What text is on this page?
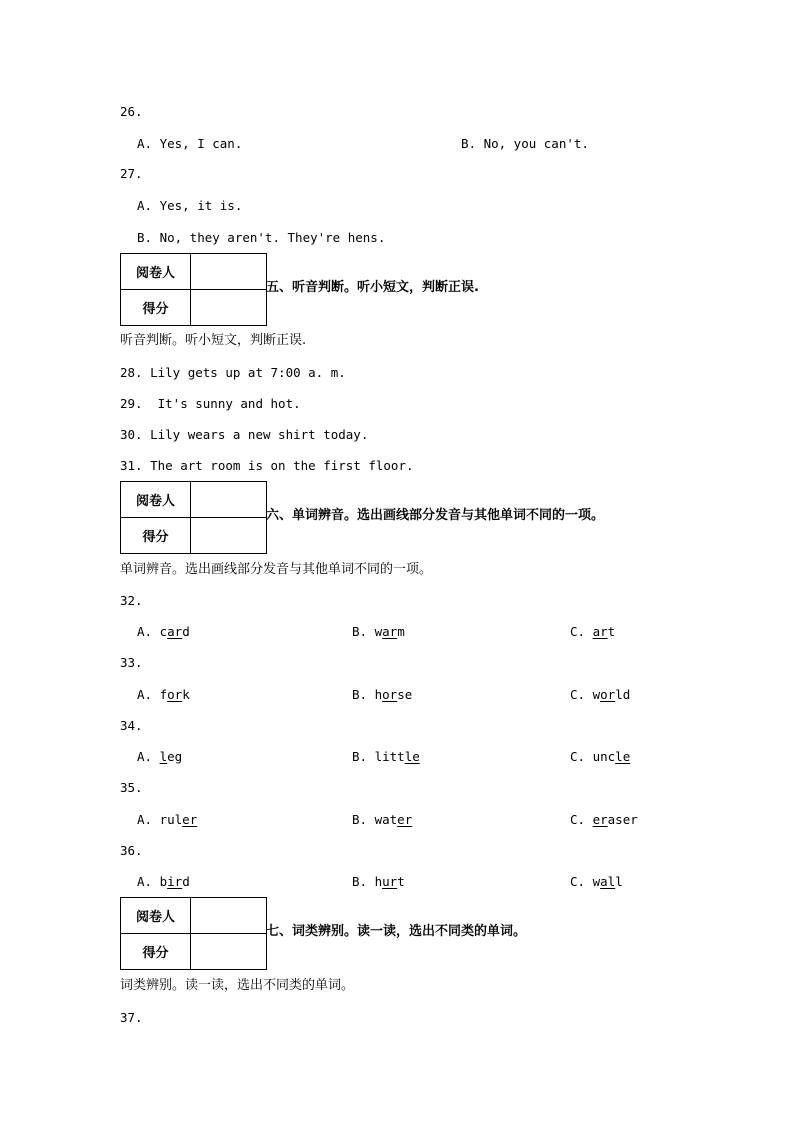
26.
A. Yes, I can.	B. No, you can't.
27.
A. Yes, it is.
B. No, they aren't. They're hens.
阅卷人	
得分	
五、听音判断。听小短文，判断正误.
听音判断。听小短文，判断正误.
28. Lily gets up at 7:00 a. m.
29.  It's sunny and hot.
30. Lily wears a new shirt today.
31. The art room is on the first floor.
阅卷人	
得分	
六、单词辨音。选出画线部分发音与其他单词不同的一项。
单词辨音。选出画线部分发音与其他单词不同的一项。
32.
A. card	B. warm	C. art
33.
A. fork	B. horse	C. world
34.
A. leg	B. little	C. uncle
35.
A. ruler	B. water	C. eraser
36.
A. bird	B. hurt	C. wall
阅卷人	
得分	
七、词类辨别。读一读，选出不同类的单词。
词类辨别。读一读，选出不同类的单词。
37.
